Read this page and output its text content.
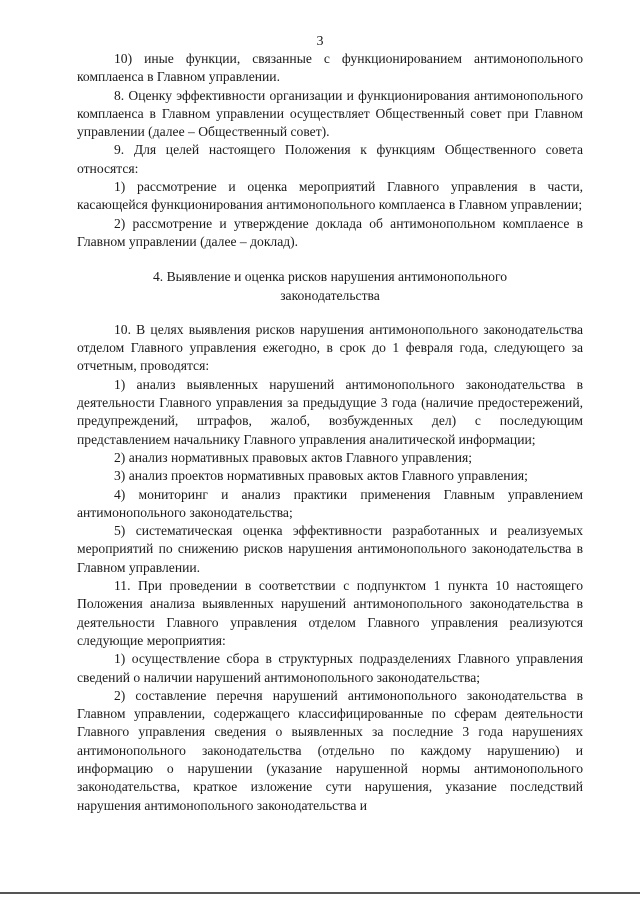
3

10) иные функции, связанные с функционированием антимонопольного комплаенса в Главном управлении.

8. Оценку эффективности организации и функционирования антимонопольного комплаенса в Главном управлении осуществляет Общественный совет при Главном управлении (далее – Общественный совет).

9. Для целей настоящего Положения к функциям Общественного совета относятся:

1) рассмотрение и оценка мероприятий Главного управления в части, касающейся функционирования антимонопольного комплаенса в Главном управлении;

2) рассмотрение и утверждение доклада об антимонопольном комплаенсе в Главном управлении (далее – доклад).

4. Выявление и оценка рисков нарушения антимонопольного
законодательства

10. В целях выявления рисков нарушения антимонопольного законодательства отделом Главного управления ежегодно, в срок до 1 февраля года, следующего за отчетным, проводятся:

1) анализ выявленных нарушений антимонопольного законодательства в деятельности Главного управления за предыдущие 3 года (наличие предостережений, предупреждений, штрафов, жалоб, возбужденных дел) с последующим представлением начальнику Главного управления аналитической информации;

2) анализ нормативных правовых актов Главного управления;

3) анализ проектов нормативных правовых актов Главного управления;

4) мониторинг и анализ практики применения Главным управлением антимонопольного законодательства;

5) систематическая оценка эффективности разработанных и реализуемых мероприятий по снижению рисков нарушения антимонопольного законодательства в Главном управлении.

11. При проведении в соответствии с подпунктом 1 пункта 10 настоящего Положения анализа выявленных нарушений антимонопольного законодательства в деятельности Главного управления отделом Главного управления реализуются следующие мероприятия:

1) осуществление сбора в структурных подразделениях Главного управления сведений о наличии нарушений антимонопольного законодательства;

2) составление перечня нарушений антимонопольного законодательства в Главном управлении, содержащего классифицированные по сферам деятельности Главного управления сведения о выявленных за последние 3 года нарушениях антимонопольного законодательства (отдельно по каждому нарушению) и информацию о нарушении (указание нарушенной нормы антимонопольного законодательства, краткое изложение сути нарушения, указание последствий нарушения антимонопольного законодательства и
